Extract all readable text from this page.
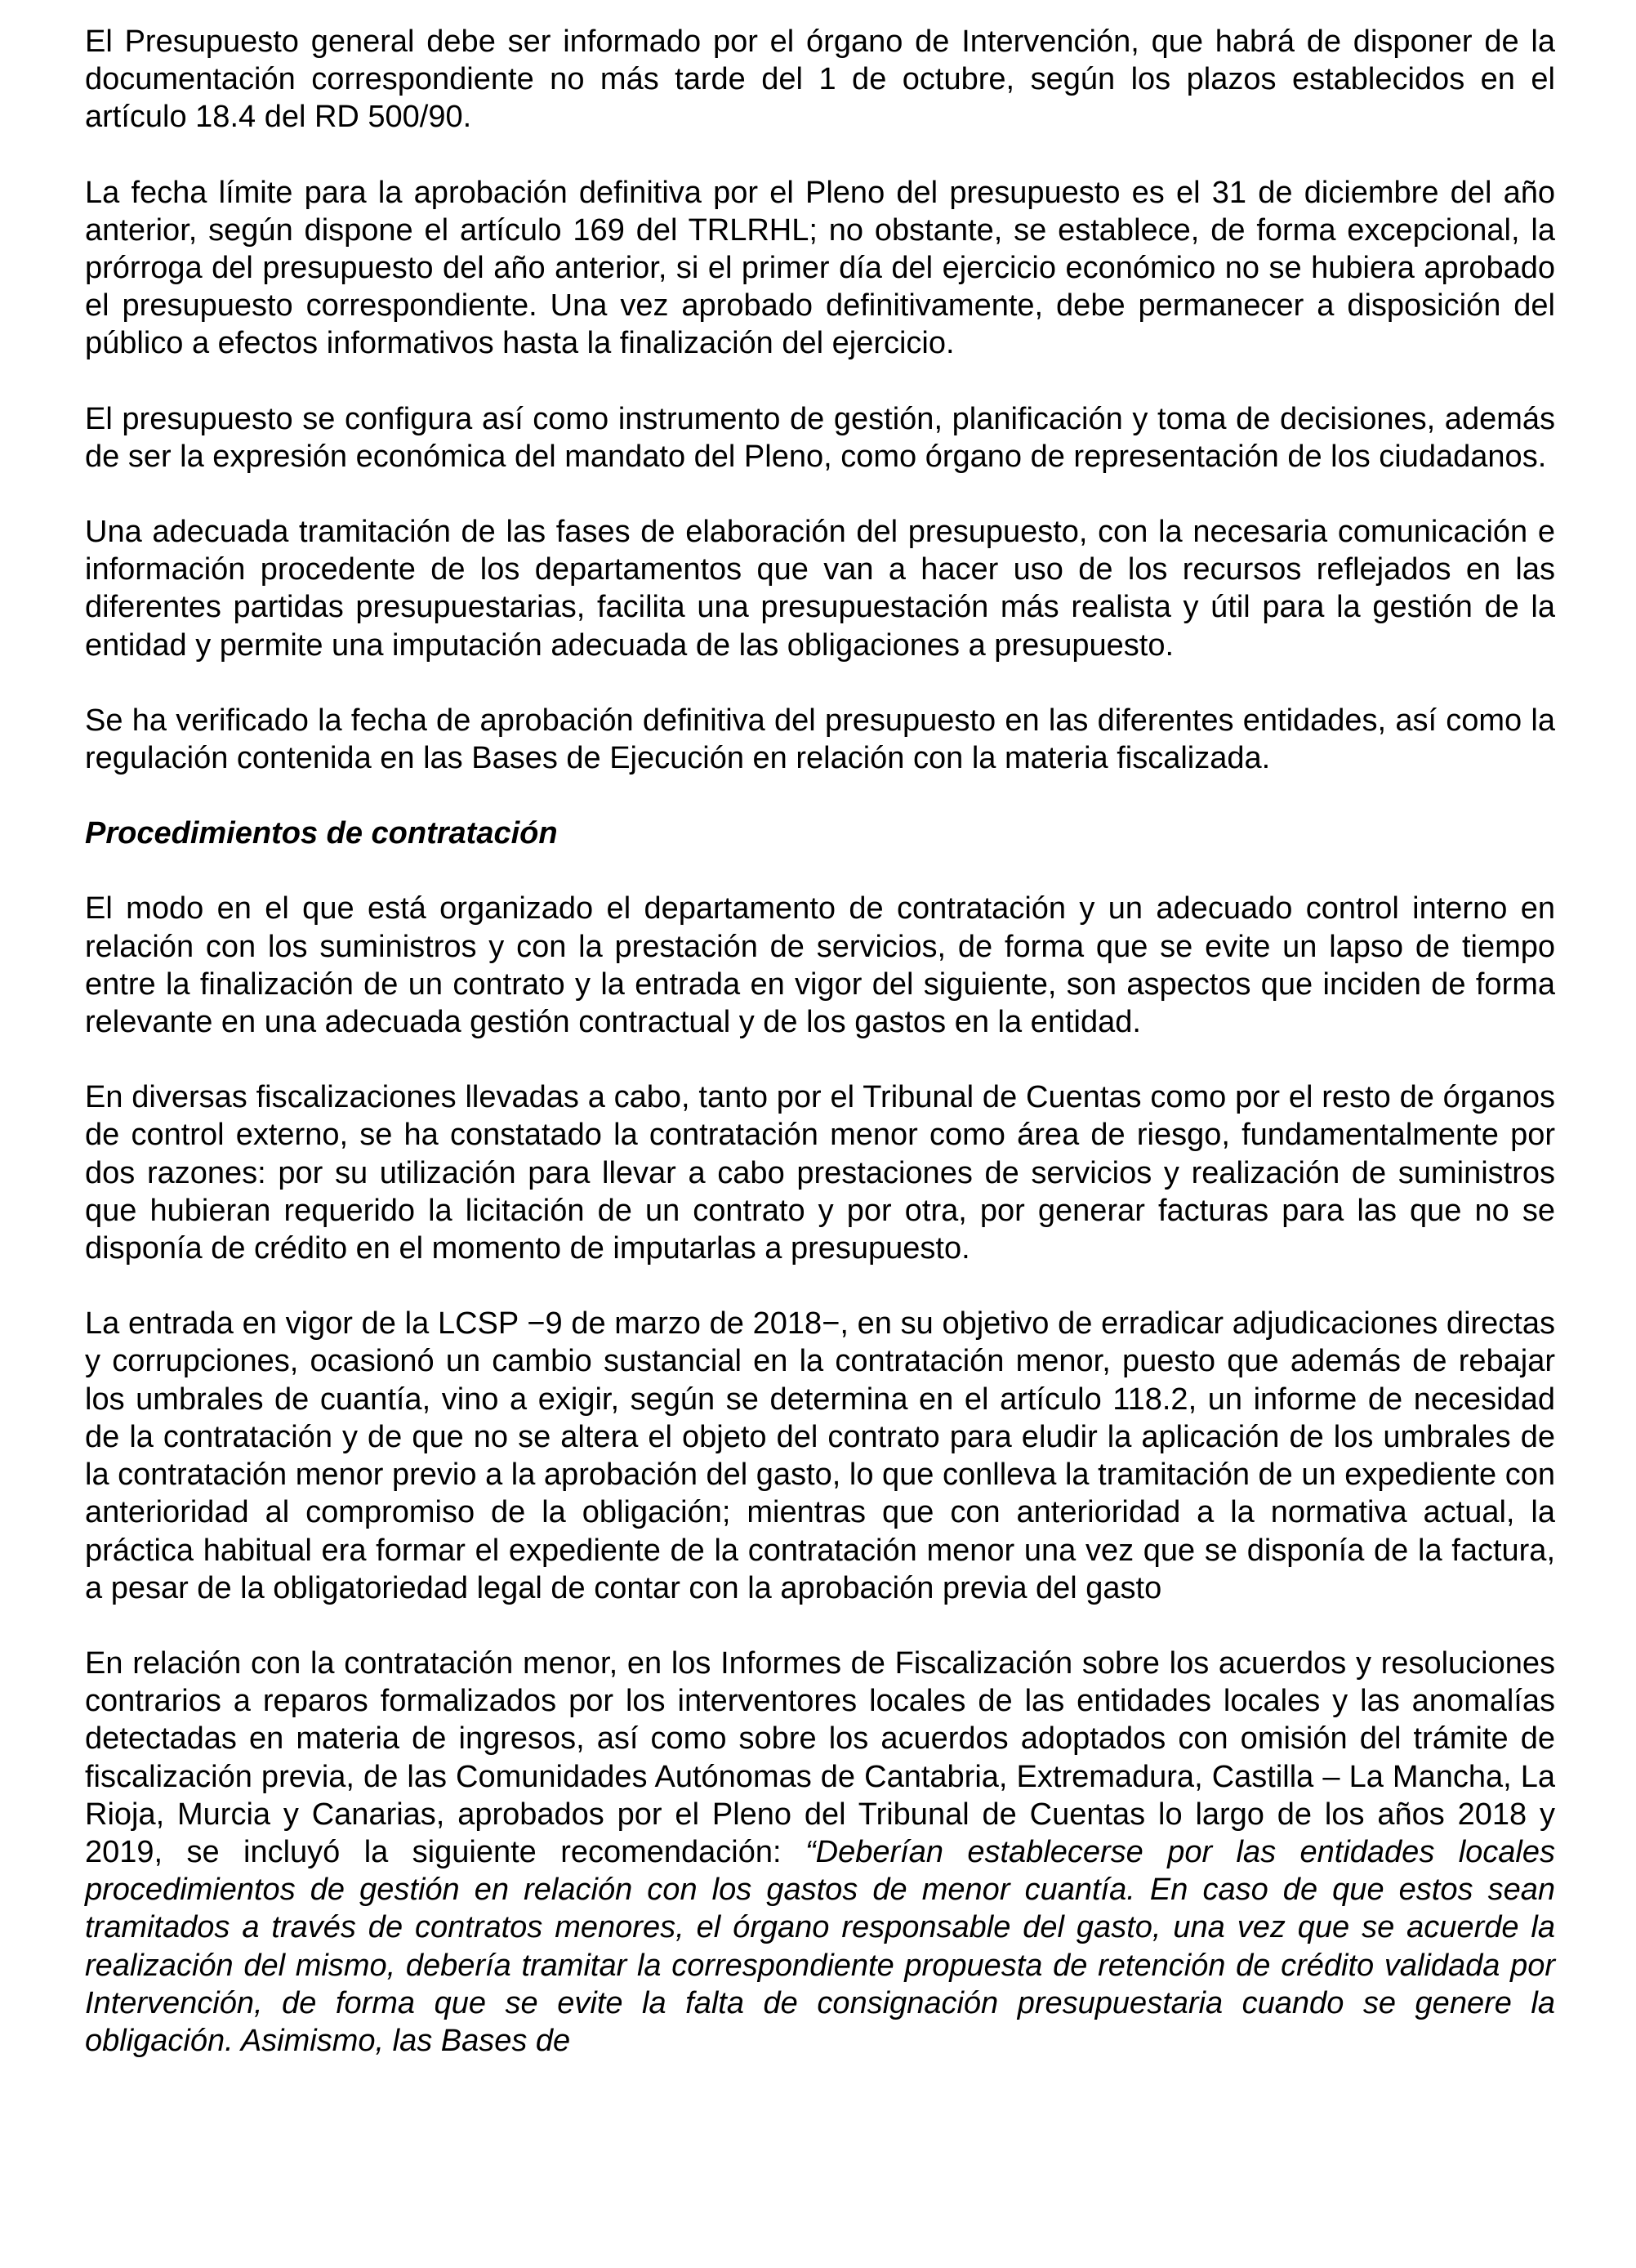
El Presupuesto general debe ser informado por el órgano de Intervención, que habrá de disponer de la documentación correspondiente no más tarde del 1 de octubre, según los plazos establecidos en el artículo 18.4 del RD 500/90.

La fecha límite para la aprobación definitiva por el Pleno del presupuesto es el 31 de diciembre del año anterior, según dispone el artículo 169 del TRLRHL; no obstante, se establece, de forma excepcional, la prórroga del presupuesto del año anterior, si el primer día del ejercicio económico no se hubiera aprobado el presupuesto correspondiente. Una vez aprobado definitivamente, debe permanecer a disposición del público a efectos informativos hasta la finalización del ejercicio.

El presupuesto se configura así como instrumento de gestión, planificación y toma de decisiones, además de ser la expresión económica del mandato del Pleno, como órgano de representación de los ciudadanos.

Una adecuada tramitación de las fases de elaboración del presupuesto, con la necesaria comunicación e información procedente de los departamentos que van a hacer uso de los recursos reflejados en las diferentes partidas presupuestarias, facilita una presupuestación más realista y útil para la gestión de la entidad y permite una imputación adecuada de las obligaciones a presupuesto.

Se ha verificado la fecha de aprobación definitiva del presupuesto en las diferentes entidades, así como la regulación contenida en las Bases de Ejecución en relación con la materia fiscalizada.

Procedimientos de contratación

El modo en el que está organizado el departamento de contratación y un adecuado control interno en relación con los suministros y con la prestación de servicios, de forma que se evite un lapso de tiempo entre la finalización de un contrato y la entrada en vigor del siguiente, son aspectos que inciden de forma relevante en una adecuada gestión contractual y de los gastos en la entidad.

En diversas fiscalizaciones llevadas a cabo, tanto por el Tribunal de Cuentas como por el resto de órganos de control externo, se ha constatado la contratación menor como área de riesgo, fundamentalmente por dos razones: por su utilización para llevar a cabo prestaciones de servicios y realización de suministros que hubieran requerido la licitación de un contrato y por otra, por generar facturas para las que no se disponía de crédito en el momento de imputarlas a presupuesto.

La entrada en vigor de la LCSP −9 de marzo de 2018−, en su objetivo de erradicar adjudicaciones directas y corrupciones, ocasionó un cambio sustancial en la contratación menor, puesto que además de rebajar los umbrales de cuantía, vino a exigir, según se determina en el artículo 118.2, un informe de necesidad de la contratación y de que no se altera el objeto del contrato para eludir la aplicación de los umbrales de la contratación menor previo a la aprobación del gasto, lo que conlleva la tramitación de un expediente con anterioridad al compromiso de la obligación; mientras que con anterioridad a la normativa actual, la práctica habitual era formar el expediente de la contratación menor una vez que se disponía de la factura, a pesar de la obligatoriedad legal de contar con la aprobación previa del gasto

En relación con la contratación menor, en los Informes de Fiscalización sobre los acuerdos y resoluciones contrarios a reparos formalizados por los interventores locales de las entidades locales y las anomalías detectadas en materia de ingresos, así como sobre los acuerdos adoptados con omisión del trámite de fiscalización previa, de las Comunidades Autónomas de Cantabria, Extremadura, Castilla – La Mancha, La Rioja, Murcia y Canarias, aprobados por el Pleno del Tribunal de Cuentas lo largo de los años 2018 y 2019, se incluyó la siguiente recomendación: “Deberían establecerse por las entidades locales procedimientos de gestión en relación con los gastos de menor cuantía. En caso de que estos sean tramitados a través de contratos menores, el órgano responsable del gasto, una vez que se acuerde la realización del mismo, debería tramitar la correspondiente propuesta de retención de crédito validada por Intervención, de forma que se evite la falta de consignación presupuestaria cuando se genere la obligación. Asimismo, las Bases de
